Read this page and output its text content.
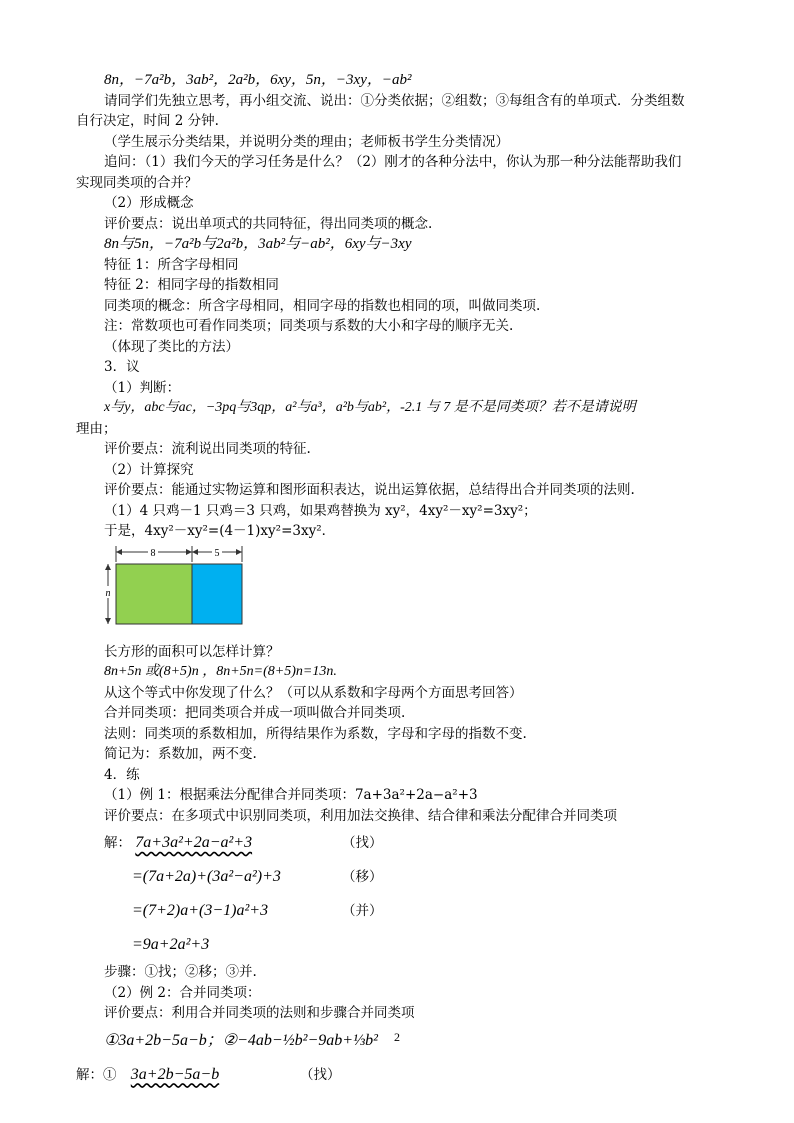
8n，−7a²b，3ab²，2a²b，6xy，5n，−3xy，−ab²
请同学们先独立思考，再小组交流、说出：①分类依据；②组数；③每组含有的单项式．分类组数
自行决定，时间 2 分钟.
（学生展示分类结果，并说明分类的理由；老师板书学生分类情况）
追问：（1）我们今天的学习任务是什么？（2）刚才的各种分法中，你认为那一种分法能帮助我们
实现同类项的合并？
（2）形成概念
评价要点：说出单项式的共同特征，得出同类项的概念.
8n与5n，−7a²b与2a²b，3ab²与−ab²，6xy与−3xy
特征 1：所含字母相同
特征 2：相同字母的指数相同
同类项的概念：所含字母相同，相同字母的指数也相同的项，叫做同类项.
注：常数项也可看作同类项；同类项与系数的大小和字母的顺序无关.
（体现了类比的方法）
3．议
（1）判断：
x与y，abc与ac，−3pq与3qp，a²与a³，a²b与ab²，-2.1 与 7 是不是同类项？若不是请说明
理由；
评价要点：流利说出同类项的特征.
（2）计算探究
评价要点：能通过实物运算和图形面积表达，说出运算依据，总结得出合并同类项的法则.
（1）4 只鸡－1 只鸡＝3 只鸡，如果鸡替换为 xy²，4xy²－xy²=3xy²；
于是，4xy²－xy²=(4－1)xy²=3xy²．
8	5
n
长方形的面积可以怎样计算？
8n+5n 或(8+5)n ，8n+5n=(8+5)n=13n.
从这个等式中你发现了什么？（可以从系数和字母两个方面思考回答）
合并同类项：把同类项合并成一项叫做合并同类项.
法则：同类项的系数相加，所得结果作为系数，字母和字母的指数不变.
简记为：系数加，两不变.
4．练
（1）例 1：根据乘法分配律合并同类项：7a+3a²+2a−a²+3
评价要点：在多项式中识别同类项，利用加法交换律、结合律和乘法分配律合并同类项
解： 7a+3a²+2a−a²+3	（找）
=(7a+2a)+(3a²−a²)+3	（移）
=(7+2)a+(3−1)a²+3	（并）
=9a+2a²+3
步骤：①找；②移；③并.
（2）例 2：合并同类项：
评价要点：利用合并同类项的法则和步骤合并同类项
①3a+2b−5a−b；②−4ab−½b²−9ab+⅓b²
解：① 3a+2b−5a−b	（找）
2
